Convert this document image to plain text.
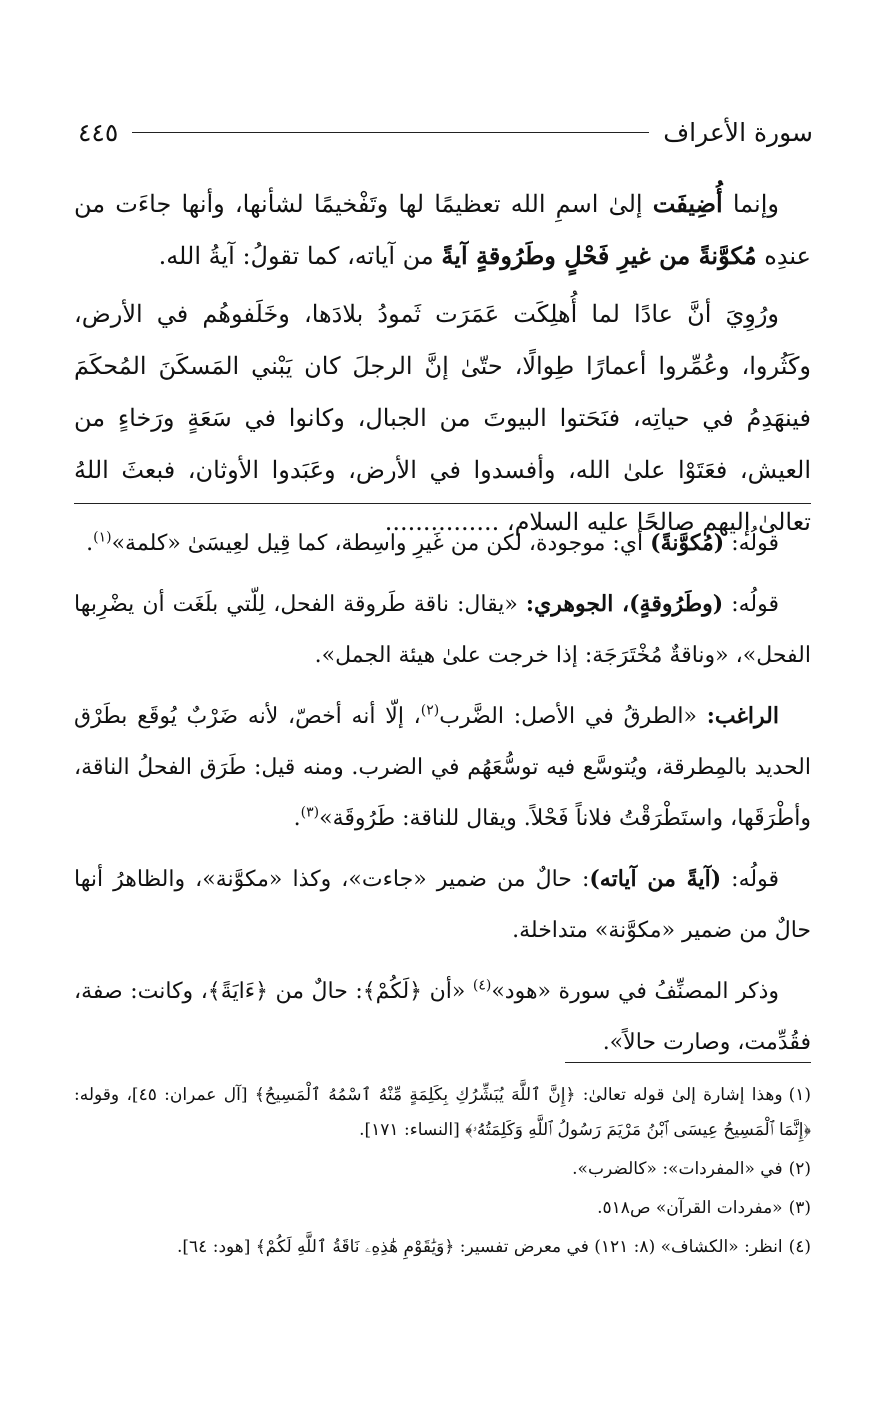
سورة الأعراف
٤٤٥

وإنما أُضِيفَت إلىٰ اسمِ الله تعظيمًا لها وتَفْخيمًا لشأنها، وأنها جاءَت من عندِه مُكوَّنةً من غيرِ فَحْلٍ وطَرُوقةٍ آيةً من آياته، كما تقولُ: آيةُ الله.

ورُوِيَ أنَّ عادًا لما أُهلِكَت عَمَرَت ثَمودُ بلادَها، وخَلَفوهُم في الأرض، وكَثُروا، وعُمِّروا أعمارًا طِوالًا، حتّىٰ إنَّ الرجلَ كان يَبْني المَسكَنَ المُحكَمَ فينهَدِمُ في حياتِه، فنَحَتوا البيوتَ من الجبال، وكانوا في سَعَةٍ ورَخاءٍ من العيش، فعَتَوْا علىٰ الله، وأفسدوا في الأرض، وعَبَدوا الأوثان، فبعثَ اللهُ تعالىٰ إليهم صالحًا عليه السلام، ...............

قولُه: (مُكوَّنةً) أي: موجودة، لكن من غَيرِ واسِطة، كما قِيل لعِيسَىٰ «كلمة»$^{(١)}$.

قولُه: (وطَرُوقةٍ)، الجوهري: «يقال: ناقة طَروقة الفحل، لِلّتي بلَغَت أن يضْرِبها الفحل»، «وناقةٌ مُخْتَرَجَة: إذا خرجت علىٰ هيئة الجمل».

الراغب: «الطرقُ في الأصل: الضَّرب$^{(٢)}$، إلّا أنه أخصّ، لأنه ضَرْبٌ يُوقَع بطَرْق الحديد بالمِطرقة، ويُتوسَّع فيه توسُّعَهُم في الضرب. ومنه قيل: طَرَق الفحلُ الناقة، وأطْرَقَها، واستَطْرَقْتُ فلاناً فَحْلاً. ويقال للناقة: طَرُوقَة»$^{(٣)}$.

قولُه: (آيةً من آياته): حالٌ من ضمير «جاءت»، وكذا «مكوَّنة»، والظاهرُ أنها حالٌ من ضمير «مكوَّنة» متداخلة.

وذكر المصنِّفُ في سورة «هود»$^{(٤)}$ «أن ﴿لَكُمْ﴾: حالٌ من ﴿ءَايَةً﴾، وكانت: صفة، فقُدِّمت، وصارت حالاً».

(١)وهذا إشارة إلىٰ قوله تعالىٰ: ﴿إِنَّ ٱللَّهَ يُبَشِّرُكِ بِكَلِمَةٍ مِّنْهُ ٱسْمُهُ ٱلْمَسِيحُ﴾ [آل عمران: ٤٥]، وقوله: ﴿إِنَّمَا ٱلْمَسِيحُ عِيسَى ٱبْنُ مَرْيَمَ رَسُولُ ٱللَّهِ وَكَلِمَتُهُۥ﴾ [النساء: ١٧١].

(٢)في «المفردات»: «كالضرب».

(٣)«مفردات القرآن» ص٥١٨.

(٤)انظر: «الكشاف» (٨: ١٢١) في معرض تفسير: ﴿وَيَٰقَوْمِ هَٰذِهِۦ نَاقَةُ ٱللَّهِ لَكُمْ﴾ [هود: ٦٤].
